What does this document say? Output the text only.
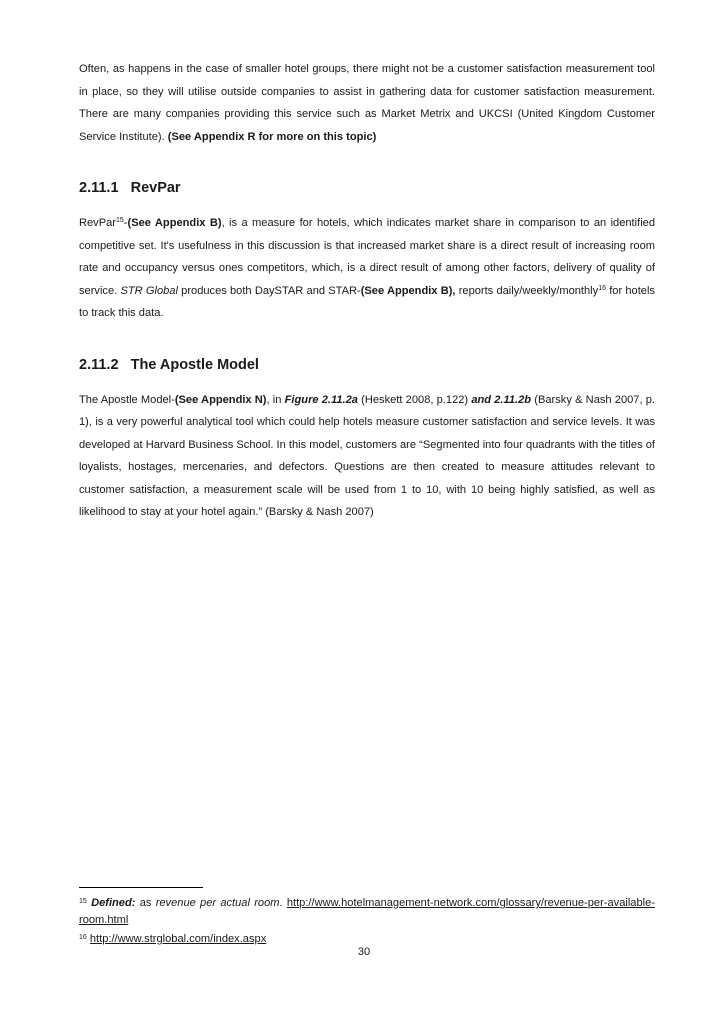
Often, as happens in the case of smaller hotel groups, there might not be a customer satisfaction measurement tool in place, so they will utilise outside companies to assist in gathering data for customer satisfaction measurement. There are many companies providing this service such as Market Metrix and UKCSI (United Kingdom Customer Service Institute). (See Appendix R for more on this topic)

2.11.1   RevPar

RevPar$^{15}$-(See Appendix B), is a measure for hotels, which indicates market share in comparison to an identified competitive set. It's usefulness in this discussion is that increased market share is a direct result of increasing room rate and occupancy versus ones competitors, which, is a direct result of among other factors, delivery of quality of service. STR Global produces both DaySTAR and STAR-(See Appendix B), reports daily/weekly/monthly$^{16}$ for hotels to track this data.

2.11.2   The Apostle Model

The Apostle Model-(See Appendix N), in Figure 2.11.2a (Heskett 2008, p.122) and 2.11.2b (Barsky & Nash 2007, p. 1), is a very powerful analytical tool which could help hotels measure customer satisfaction and service levels. It was developed at Harvard Business School. In this model, customers are “Segmented into four quadrants with the titles of loyalists, hostages, mercenaries, and defectors. Questions are then created to measure attitudes relevant to customer satisfaction, a measurement scale will be used from 1 to 10, with 10 being highly satisfied, as well as likelihood to stay at your hotel again.” (Barsky & Nash 2007)

$^{15}$ Defined: as revenue per actual room. http://www.hotelmanagement-network.com/glossary/revenue-per-available-room.html
$^{16}$ http://www.strglobal.com/index.aspx
30
